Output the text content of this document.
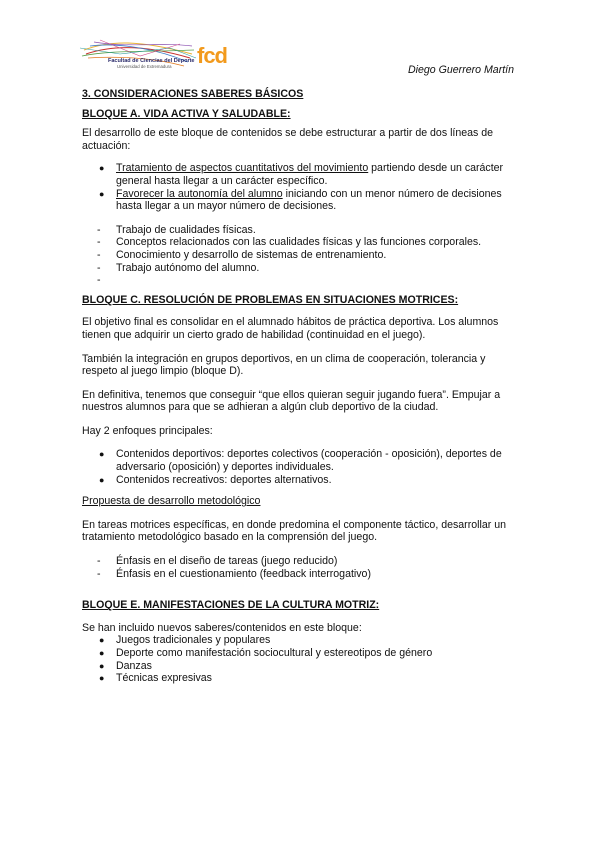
Facultad de Ciencias del Deporte
Universidad de Extremadura fcd
Diego Guerrero Martín

3. CONSIDERACIONES SABERES BÁSICOS

BLOQUE A. VIDA ACTIVA Y SALUDABLE:

El desarrollo de este bloque de contenidos se debe estructurar a partir de dos líneas de actuación:

● Tratamiento de aspectos cuantitativos del movimiento partiendo desde un carácter general hasta llegar a un carácter específico.
● Favorecer la autonomía del alumno iniciando con un menor número de decisiones hasta llegar a un mayor número de decisiones.
- Trabajo de cualidades físicas.
- Conceptos relacionados con las cualidades físicas y las funciones corporales.
- Conocimiento y desarrollo de sistemas de entrenamiento.
- Trabajo autónomo del alumno.
-

BLOQUE C. RESOLUCIÓN DE PROBLEMAS EN SITUACIONES MOTRICES:

El objetivo final es consolidar en el alumnado hábitos de práctica deportiva. Los alumnos tienen que adquirir un cierto grado de habilidad (continuidad en el juego).

También la integración en grupos deportivos, en un clima de cooperación, tolerancia y respeto al juego limpio (bloque D).

En definitiva, tenemos que conseguir “que ellos quieran seguir jugando fuera”. Empujar a nuestros alumnos para que se adhieran a algún club deportivo de la ciudad.

Hay 2 enfoques principales:

● Contenidos deportivos: deportes colectivos (cooperación - oposición), deportes de adversario (oposición) y deportes individuales.
● Contenidos recreativos: deportes alternativos.

Propuesta de desarrollo metodológico

En tareas motrices específicas, en donde predomina el componente táctico, desarrollar un tratamiento metodológico basado en la comprensión del juego.

- Énfasis en el diseño de tareas (juego reducido)
- Énfasis en el cuestionamiento (feedback interrogativo)

BLOQUE E. MANIFESTACIONES DE LA CULTURA MOTRIZ:

Se han incluido nuevos saberes/contenidos en este bloque:

● Juegos tradicionales y populares
● Deporte como manifestación sociocultural y estereotipos de género
● Danzas
● Técnicas expresivas
